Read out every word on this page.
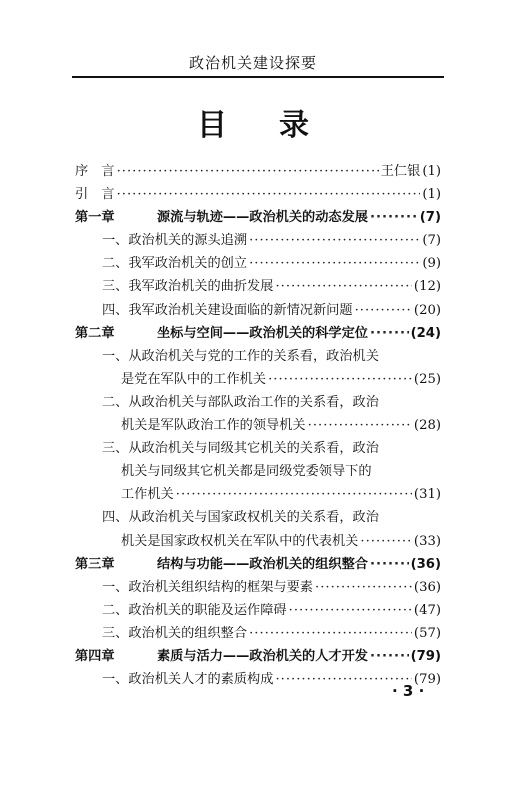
政治机关建设探要
目录
序　言 ·····	王仁银 (1)
引　言 ·····	(1)
第一章	源流与轨迹——政治机关的动态发展 ·····	(7)
一、政治机关的源头追溯 ·····	(7)
二、我军政治机关的创立 ·····	(9)
三、我军政治机关的曲折发展 ·····	(12)
四、我军政治机关建设面临的新情况新问题 ·····	(20)
第二章	坐标与空间——政治机关的科学定位 ·····	(24)
一、从政治机关与党的工作的关系看，政治机关
是党在军队中的工作机关 ·····	(25)
二、从政治机关与部队政治工作的关系看，政治
机关是军队政治工作的领导机关 ·····	(28)
三、从政治机关与同级其它机关的关系看，政治
机关与同级其它机关都是同级党委领导下的
工作机关 ·····	(31)
四、从政治机关与国家政权机关的关系看，政治
机关是国家政权机关在军队中的代表机关 ·····	(33)
第三章	结构与功能——政治机关的组织整合 ·····	(36)
一、政治机关组织结构的框架与要素 ·····	(36)
二、政治机关的职能及运作障碍 ·····	(47)
三、政治机关的组织整合 ·····	(57)
第四章	素质与活力——政治机关的人才开发 ·····	(79)
一、政治机关人才的素质构成 ·····	(79)
· 3 ·
